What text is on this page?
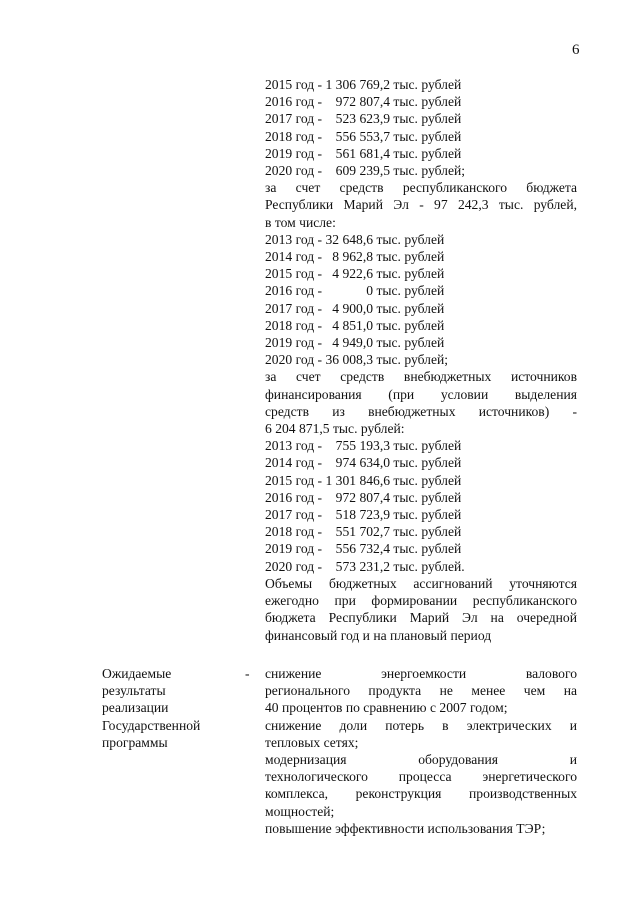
6
2015 год - 1 306 769,2 тыс. рублей
2016 год -    972 807,4 тыс. рублей
2017 год -    523 623,9 тыс. рублей
2018 год -    556 553,7 тыс. рублей
2019 год -    561 681,4 тыс. рублей
2020 год -    609 239,5 тыс. рублей;
за счет средств республиканского бюджета
Республики Марий Эл - 97 242,3 тыс. рублей,
в том числе:
2013 год - 32 648,6 тыс. рублей
2014 год -   8 962,8 тыс. рублей
2015 год -   4 922,6 тыс. рублей
2016 год -             0 тыс. рублей
2017 год -   4 900,0 тыс. рублей
2018 год -   4 851,0 тыс. рублей
2019 год -   4 949,0 тыс. рублей
2020 год - 36 008,3 тыс. рублей;
за счет средств внебюджетных источников
финансирования (при условии выделения
средств из внебюджетных источников) -
6 204 871,5 тыс. рублей:
2013 год -    755 193,3 тыс. рублей
2014 год -    974 634,0 тыс. рублей
2015 год - 1 301 846,6 тыс. рублей
2016 год -    972 807,4 тыс. рублей
2017 год -    518 723,9 тыс. рублей
2018 год -    551 702,7 тыс. рублей
2019 год -    556 732,4 тыс. рублей
2020 год -    573 231,2 тыс. рублей.
Объемы бюджетных ассигнований уточняются
ежегодно при формировании республиканского
бюджета Республики Марий Эл на очередной
финансовый год и на плановый период
Ожидаемые
результаты
реализации
Государственной
программы
- снижение энергоемкости валового
регионального продукта не менее чем на
40 процентов по сравнению с 2007 годом;
снижение доли потерь в электрических и
тепловых сетях;
модернизация оборудования и
технологического процесса энергетического
комплекса, реконструкция производственных
мощностей;
повышение эффективности использования ТЭР;
